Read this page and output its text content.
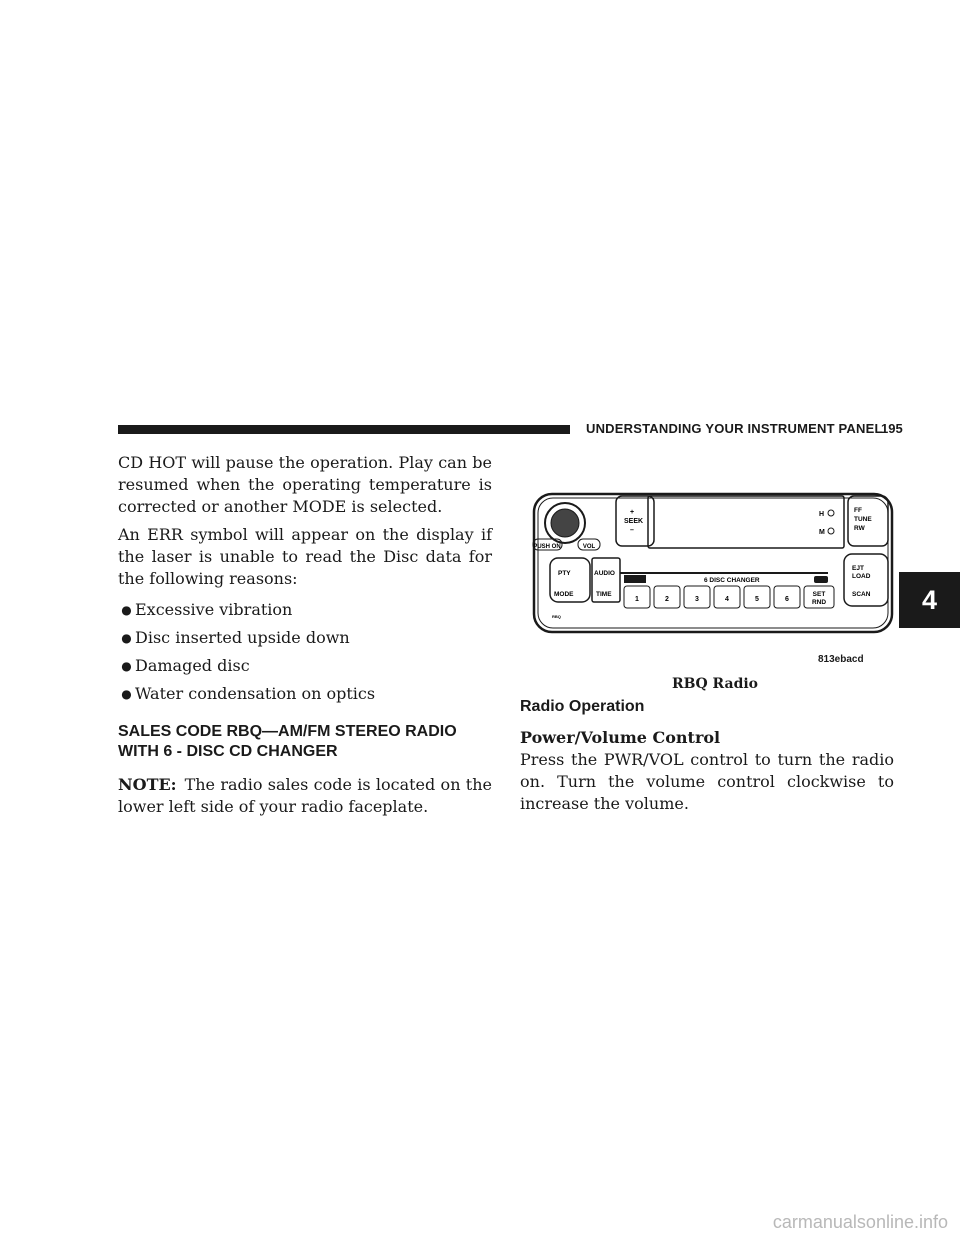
UNDERSTANDING YOUR INSTRUMENT PANEL
195

CD HOT will pause the operation. Play can be resumed when the operating temperature is corrected or another MODE is selected.

An ERR symbol will appear on the display if the laser is unable to read the Disc data for the following reasons:

● Excessive vibration
● Disc inserted upside down
● Damaged disc
● Water condensation on optics
SALES CODE RBQ—AM/FM STEREO RADIO
WITH 6 - DISC CD CHANGER

NOTE: The radio sales code is located on the lower left side of your radio faceplate.

PUSH ON	VOL
+
SEEK
–
H
M
FF
TUNE
RW
PTY
MODE
AUDIO
TIME
6 DISC CHANGER
1	2	3	4	5	6
SET
RND
EJT
LOAD
SCAN
RBQ
813ebacd
RBQ Radio
Radio Operation
Power/Volume Control

Press the PWR/VOL control to turn the radio on. Turn the volume control clockwise to increase the volume.

4
carmanualsonline.info
